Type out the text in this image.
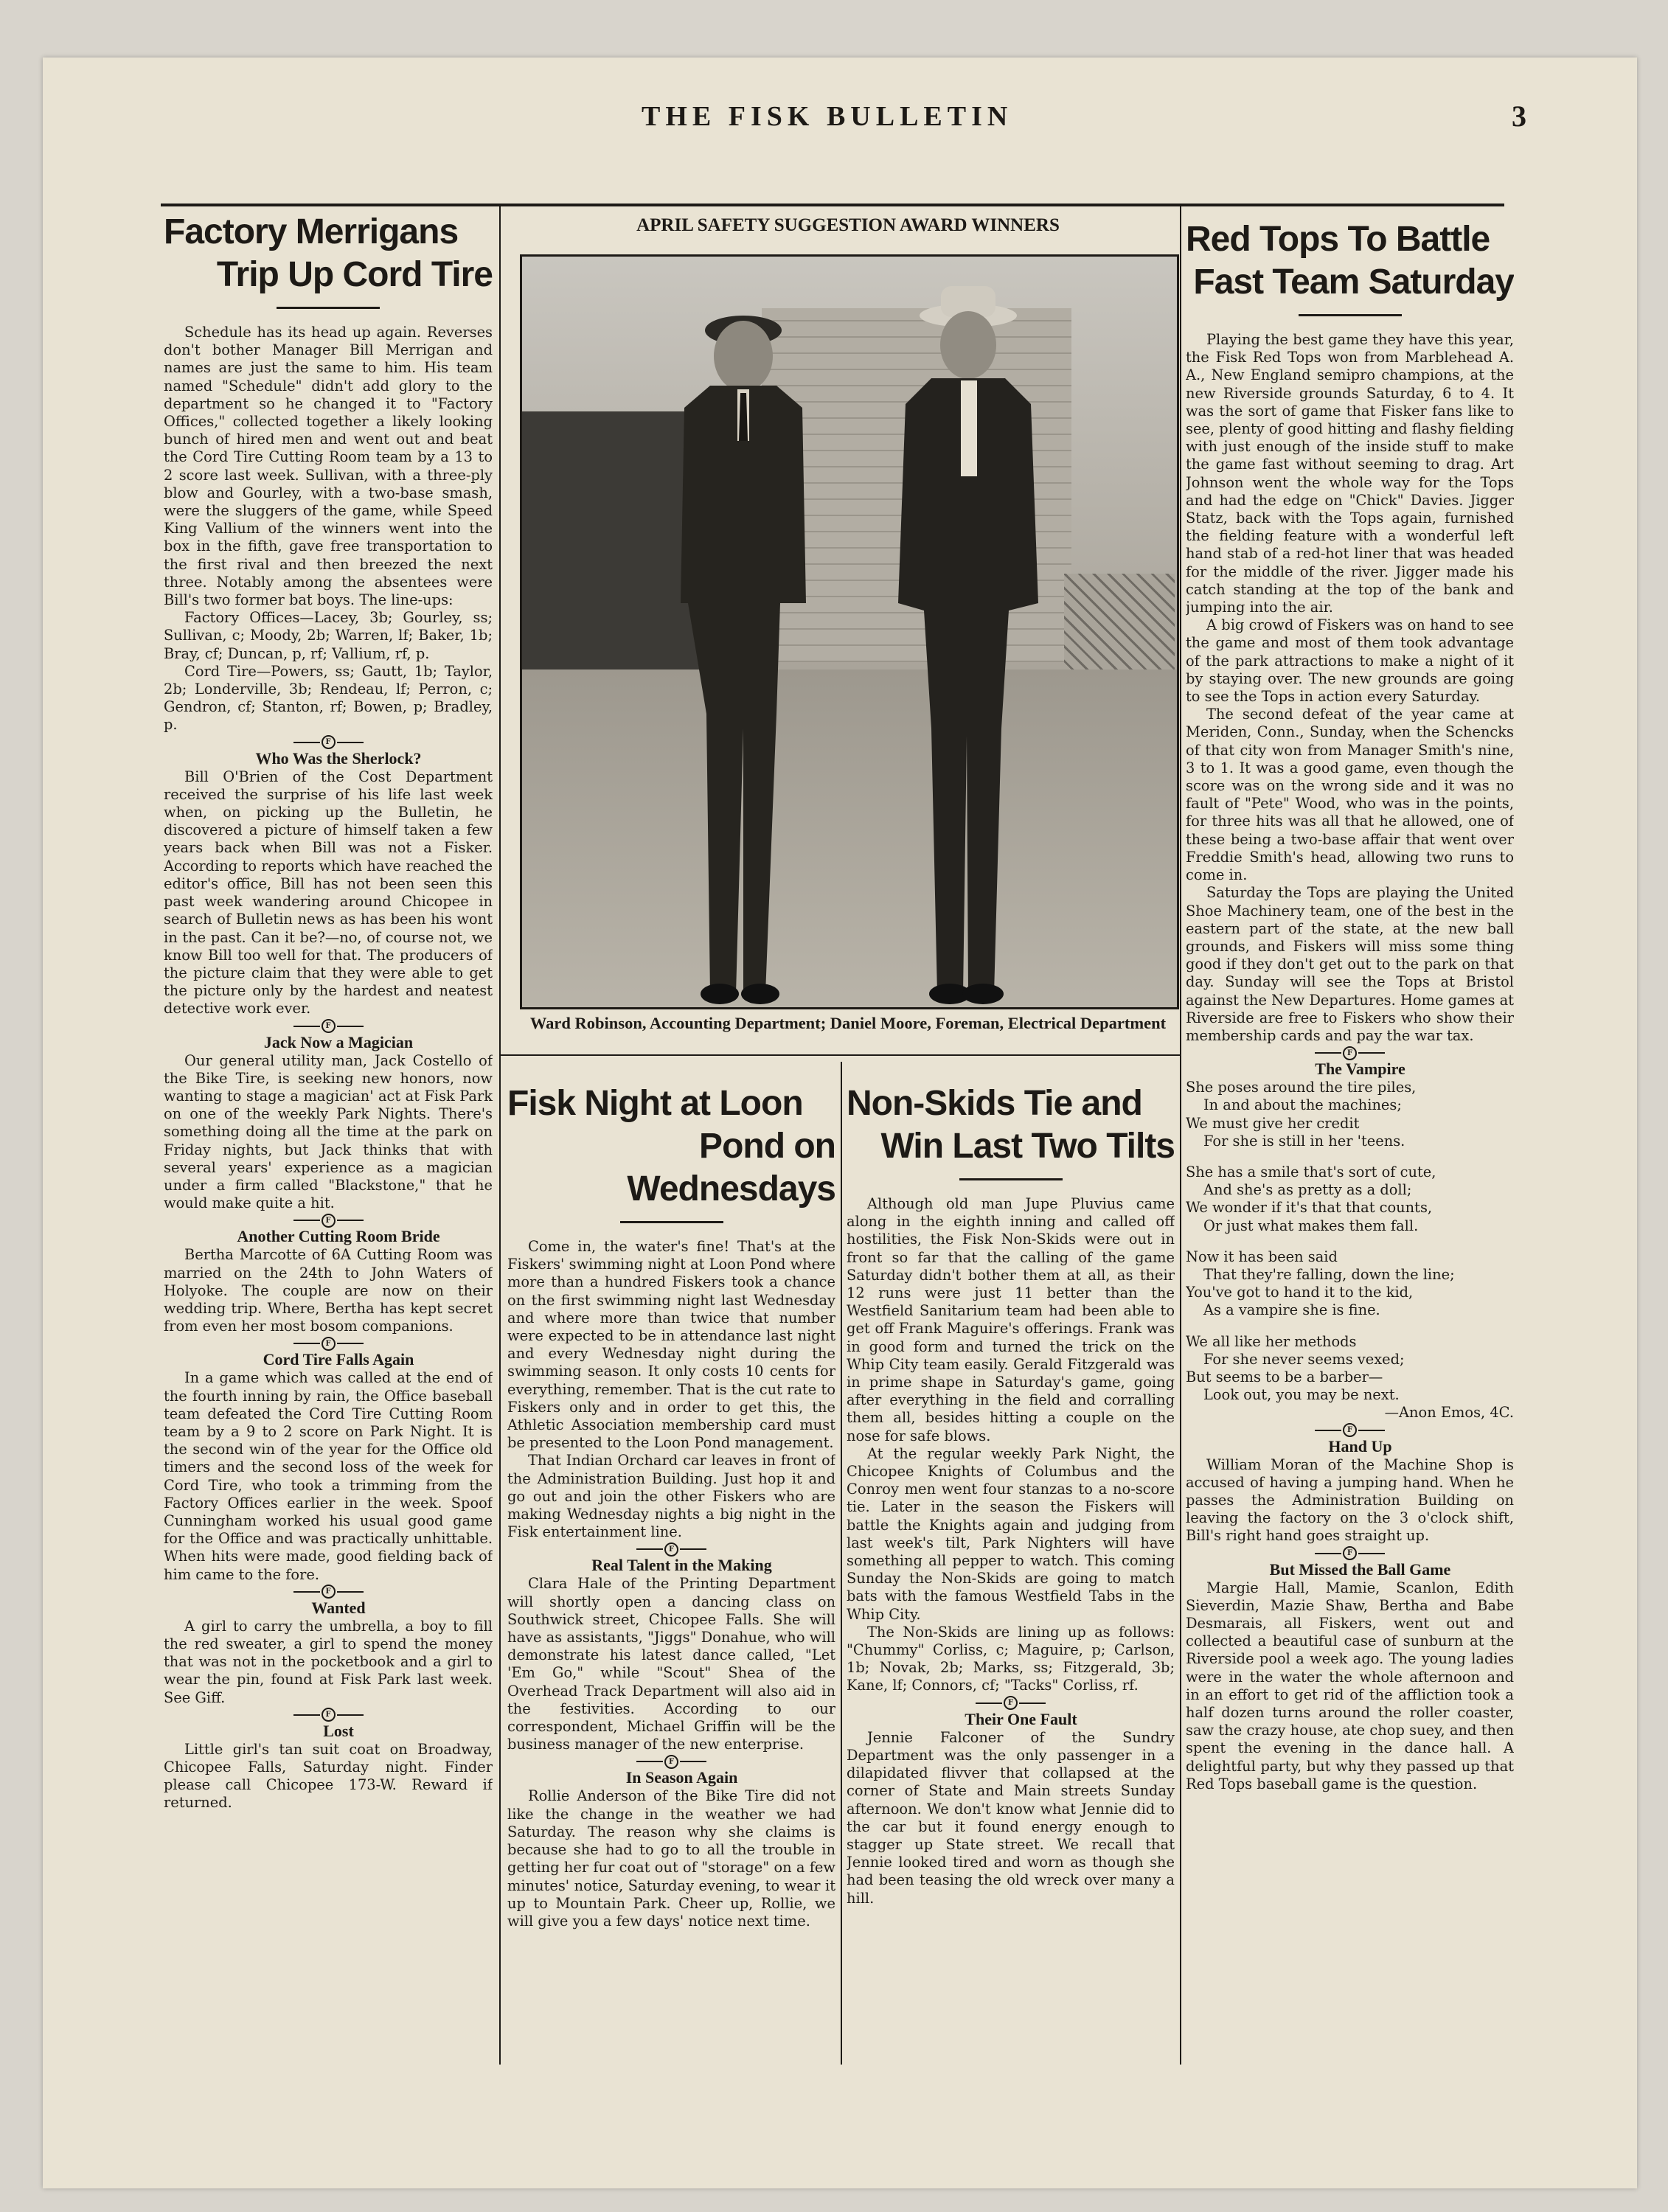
THE FISK BULLETIN	3
Factory Merrigans
Trip Up Cord Tire

Schedule has its head up again. Reverses don't bother Manager Bill Merrigan and names are just the same to him. His team named "Schedule" didn't add glory to the department so he changed it to "Factory Offices," collected together a likely looking bunch of hired men and went out and beat the Cord Tire Cutting Room team by a 13 to 2 score last week. Sullivan, with a three-ply blow and Gourley, with a two-base smash, were the sluggers of the game, while Speed King Vallium of the winners went into the box in the fifth, gave free transportation to the first rival and then breezed the next three. Notably among the absentees were Bill's two former bat boys. The line-ups:

Factory Offices—Lacey, 3b; Gourley, ss; Sullivan, c; Moody, 2b; Warren, lf; Baker, 1b; Bray, cf; Duncan, p, rf; Vallium, rf, p.

Cord Tire—Powers, ss; Gautt, 1b; Taylor, 2b; Londerville, 3b; Rendeau, lf; Perron, c; Gendron, cf; Stanton, rf; Bowen, p; Bradley, p.

F

Who Was the Sherlock?

Bill O'Brien of the Cost Department received the surprise of his life last week when, on picking up the Bulletin, he discovered a picture of himself taken a few years back when Bill was not a Fisker. According to reports which have reached the editor's office, Bill has not been seen this past week wandering around Chicopee in search of Bulletin news as has been his wont in the past. Can it be?—no, of course not, we know Bill too well for that. The producers of the picture claim that they were able to get the picture only by the hardest and neatest detective work ever.

F

Jack Now a Magician

Our general utility man, Jack Costello of the Bike Tire, is seeking new honors, now wanting to stage a magician' act at Fisk Park on one of the weekly Park Nights. There's something doing all the time at the park on Friday nights, but Jack thinks that with several years' experience as a magician under a firm called "Blackstone," that he would make quite a hit.

F

Another Cutting Room Bride

Bertha Marcotte of 6A Cutting Room was married on the 24th to John Waters of Holyoke. The couple are now on their wedding trip. Where, Bertha has kept secret from even her most bosom companions.

F

Cord Tire Falls Again

In a game which was called at the end of the fourth inning by rain, the Office baseball team defeated the Cord Tire Cutting Room team by a 9 to 2 score on Park Night. It is the second win of the year for the Office old timers and the second loss of the week for Cord Tire, who took a trimming from the Factory Offices earlier in the week. Spoof Cunningham worked his usual good game for the Office and was practically unhittable. When hits were made, good fielding back of him came to the fore.

F

Wanted

A girl to carry the umbrella, a boy to fill the red sweater, a girl to spend the money that was not in the pocketbook and a girl to wear the pin, found at Fisk Park last week. See Giff.

F

Lost

Little girl's tan suit coat on Broadway, Chicopee Falls, Saturday night. Finder please call Chicopee 173-W. Reward if returned.

APRIL SAFETY SUGGESTION AWARD WINNERS
Ward Robinson, Accounting Department; Daniel Moore, Foreman, Electrical Department
Fisk Night at Loon
Pond on Wednesdays

Come in, the water's fine! That's at the Fiskers' swimming night at Loon Pond where more than a hundred Fiskers took a chance on the first swimming night last Wednesday and where more than twice that number were expected to be in attendance last night and every Wednesday night during the swimming season. It only costs 10 cents for everything, remember. That is the cut rate to Fiskers only and in order to get this, the Athletic Association membership card must be presented to the Loon Pond management.

That Indian Orchard car leaves in front of the Administration Building. Just hop it and go out and join the other Fiskers who are making Wednesday nights a big night in the Fisk entertainment line.

F

Real Talent in the Making

Clara Hale of the Printing Department will shortly open a dancing class on Southwick street, Chicopee Falls. She will have as assistants, "Jiggs" Donahue, who will demonstrate his latest dance called, "Let 'Em Go," while "Scout" Shea of the Overhead Track Department will also aid in the festivities. According to our correspondent, Michael Griffin will be the business manager of the new enterprise.

F

In Season Again

Rollie Anderson of the Bike Tire did not like the change in the weather we had Saturday. The reason why she claims is because she had to go to all the trouble in getting her fur coat out of "storage" on a few minutes' notice, Saturday evening, to wear it up to Mountain Park. Cheer up, Rollie, we will give you a few days' notice next time.

Non-Skids Tie and
Win Last Two Tilts

Although old man Jupe Pluvius came along in the eighth inning and called off hostilities, the Fisk Non-Skids were out in front so far that the calling of the game Saturday didn't bother them at all, as their 12 runs were just 11 better than the Westfield Sanitarium team had been able to get off Frank Maguire's offerings. Frank was in good form and turned the trick on the Whip City team easily. Gerald Fitzgerald was in prime shape in Saturday's game, going after everything in the field and corralling them all, besides hitting a couple on the nose for safe blows.

At the regular weekly Park Night, the Chicopee Knights of Columbus and the Conroy men went four stanzas to a no-score tie. Later in the season the Fiskers will battle the Knights again and judging from last week's tilt, Park Nighters will have something all pepper to watch. This coming Sunday the Non-Skids are going to match bats with the famous Westfield Tabs in the Whip City.

The Non-Skids are lining up as follows: "Chummy" Corliss, c; Maguire, p; Carlson, 1b; Novak, 2b; Marks, ss; Fitzgerald, 3b; Kane, lf; Connors, cf; "Tacks" Corliss, rf.

F

Their One Fault

Jennie Falconer of the Sundry Department was the only passenger in a dilapidated flivver that collapsed at the corner of State and Main streets Sunday afternoon. We don't know what Jennie did to the car but it found energy enough to stagger up State street. We recall that Jennie looked tired and worn as though she had been teasing the old wreck over many a hill.

Red Tops To Battle
Fast Team Saturday

Playing the best game they have this year, the Fisk Red Tops won from Marblehead A. A., New England semipro champions, at the new Riverside grounds Saturday, 6 to 4. It was the sort of game that Fisker fans like to see, plenty of good hitting and flashy fielding with just enough of the inside stuff to make the game fast without seeming to drag. Art Johnson went the whole way for the Tops and had the edge on "Chick" Davies. Jigger Statz, back with the Tops again, furnished the fielding feature with a wonderful left hand stab of a red-hot liner that was headed for the middle of the river. Jigger made his catch standing at the top of the bank and jumping into the air.

A big crowd of Fiskers was on hand to see the game and most of them took advantage of the park attractions to make a night of it by staying over. The new grounds are going to see the Tops in action every Saturday.

The second defeat of the year came at Meriden, Conn., Sunday, when the Schencks of that city won from Manager Smith's nine, 3 to 1. It was a good game, even though the score was on the wrong side and it was no fault of "Pete" Wood, who was in the points, for three hits was all that he allowed, one of these being a two-base affair that went over Freddie Smith's head, allowing two runs to come in.

Saturday the Tops are playing the United Shoe Machinery team, one of the best in the eastern part of the state, at the new ball grounds, and Fiskers will miss some thing good if they don't get out to the park on that day. Sunday will see the Tops at Bristol against the New Departures. Home games at Riverside are free to Fiskers who show their membership cards and pay the war tax.

F

The Vampire

She poses around the tire piles,
In and about the machines;
We must give her credit
For she is still in her 'teens.
She has a smile that's sort of cute,
And she's as pretty as a doll;
We wonder if it's that that counts,
Or just what makes them fall.
Now it has been said
That they're falling, down the line;
You've got to hand it to the kid,
As a vampire she is fine.
We all like her methods
For she never seems vexed;
But seems to be a barber—
Look out, you may be next.

—Anon Emos, 4C.

F

Hand Up

William Moran of the Machine Shop is accused of having a jumping hand. When he passes the Administration Building on leaving the factory on the 3 o'clock shift, Bill's right hand goes straight up.

F

But Missed the Ball Game

Margie Hall, Mamie, Scanlon, Edith Sieverdin, Mazie Shaw, Bertha and Babe Desmarais, all Fiskers, went out and collected a beautiful case of sunburn at the Riverside pool a week ago. The young ladies were in the water the whole afternoon and in an effort to get rid of the affliction took a half dozen turns around the roller coaster, saw the crazy house, ate chop suey, and then spent the evening in the dance hall. A delightful party, but why they passed up that Red Tops baseball game is the question.
